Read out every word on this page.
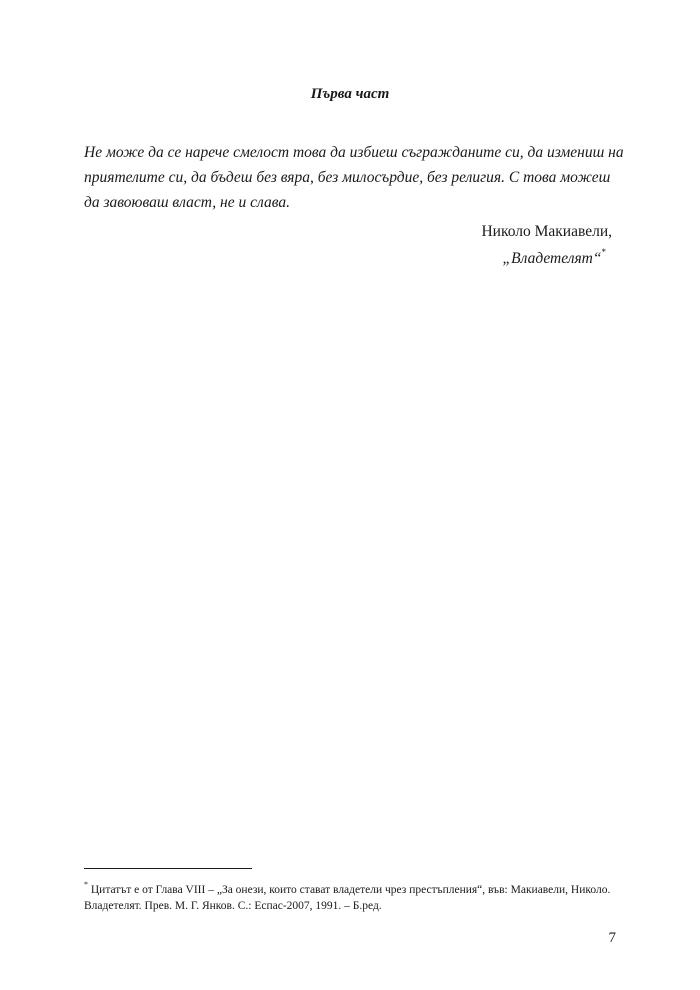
Първа част

Не може да се нарече смелост това да избиеш съгражданите си, да измениш на приятелите си, да бъдеш без вяра, без милосърдие, без религия. С това можеш да завоюваш власт, не и слава.

Николо Макиавели,
„Владетелят“*

* Цитатът е от Глава VIII – „За онези, които стават владетели чрез престъпления“, във: Макиавели, Николо. Владетелят. Прев. М. Г. Янков. С.: Еспас-2007, 1991. – Б.ред.

7
